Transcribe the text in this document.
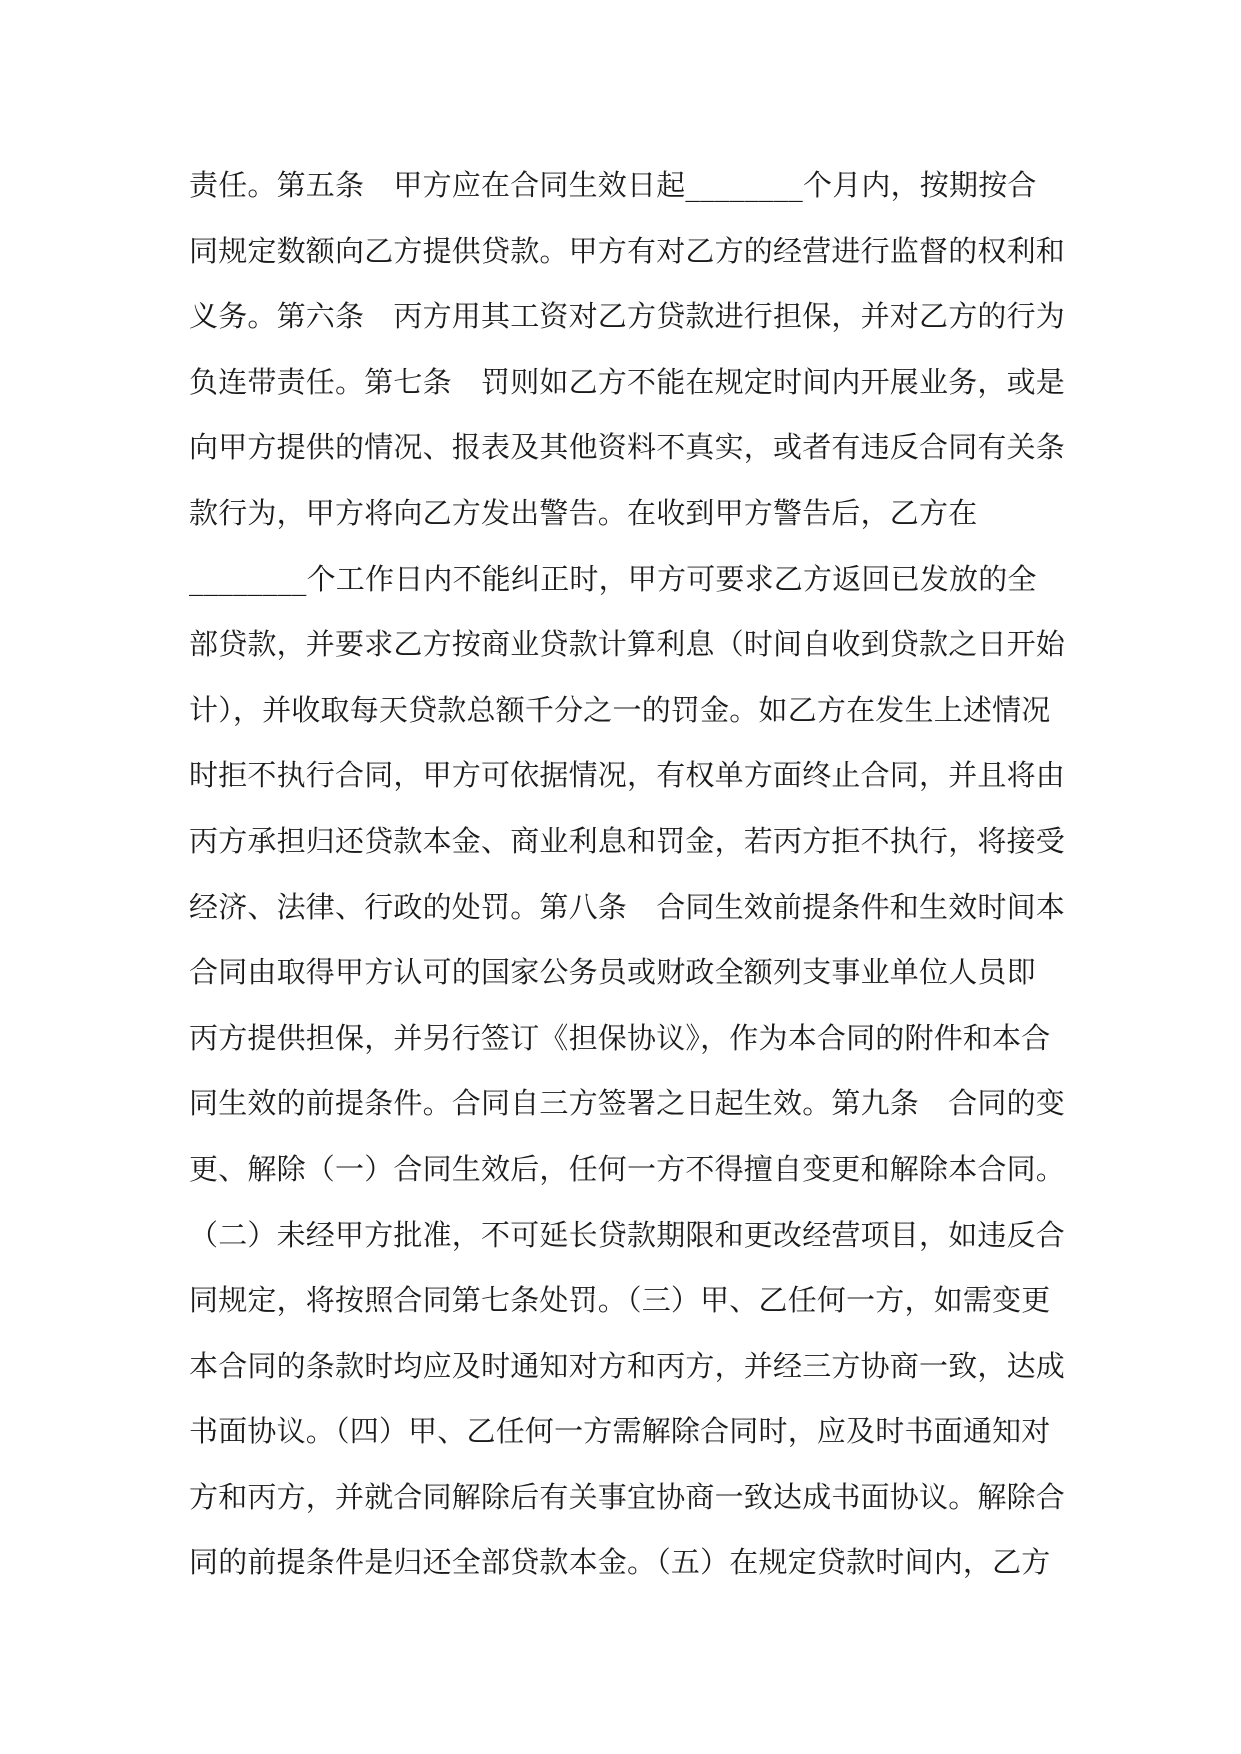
责任。第五条　甲方应在合同生效日起________个月内，按期按合
同规定数额向乙方提供贷款。甲方有对乙方的经营进行监督的权利和
义务。第六条　丙方用其工资对乙方贷款进行担保，并对乙方的行为
负连带责任。第七条　罚则如乙方不能在规定时间内开展业务，或是
向甲方提供的情况、报表及其他资料不真实，或者有违反合同有关条
款行为，甲方将向乙方发出警告。在收到甲方警告后，乙方在
________个工作日内不能纠正时，甲方可要求乙方返回已发放的全
部贷款，并要求乙方按商业贷款计算利息（时间自收到贷款之日开始
计），并收取每天贷款总额千分之一的罚金。如乙方在发生上述情况
时拒不执行合同，甲方可依据情况，有权单方面终止合同，并且将由
丙方承担归还贷款本金、商业利息和罚金，若丙方拒不执行，将接受
经济、法律、行政的处罚。第八条　合同生效前提条件和生效时间本
合同由取得甲方认可的国家公务员或财政全额列支事业单位人员即
丙方提供担保，并另行签订《担保协议》，作为本合同的附件和本合
同生效的前提条件。合同自三方签署之日起生效。第九条　合同的变
更、解除（一）合同生效后，任何一方不得擅自变更和解除本合同。
（二）未经甲方批准，不可延长贷款期限和更改经营项目，如违反合
同规定，将按照合同第七条处罚。（三）甲、乙任何一方，如需变更
本合同的条款时均应及时通知对方和丙方，并经三方协商一致，达成
书面协议。（四）甲、乙任何一方需解除合同时，应及时书面通知对
方和丙方，并就合同解除后有关事宜协商一致达成书面协议。解除合
同的前提条件是归还全部贷款本金。（五）在规定贷款时间内，乙方
